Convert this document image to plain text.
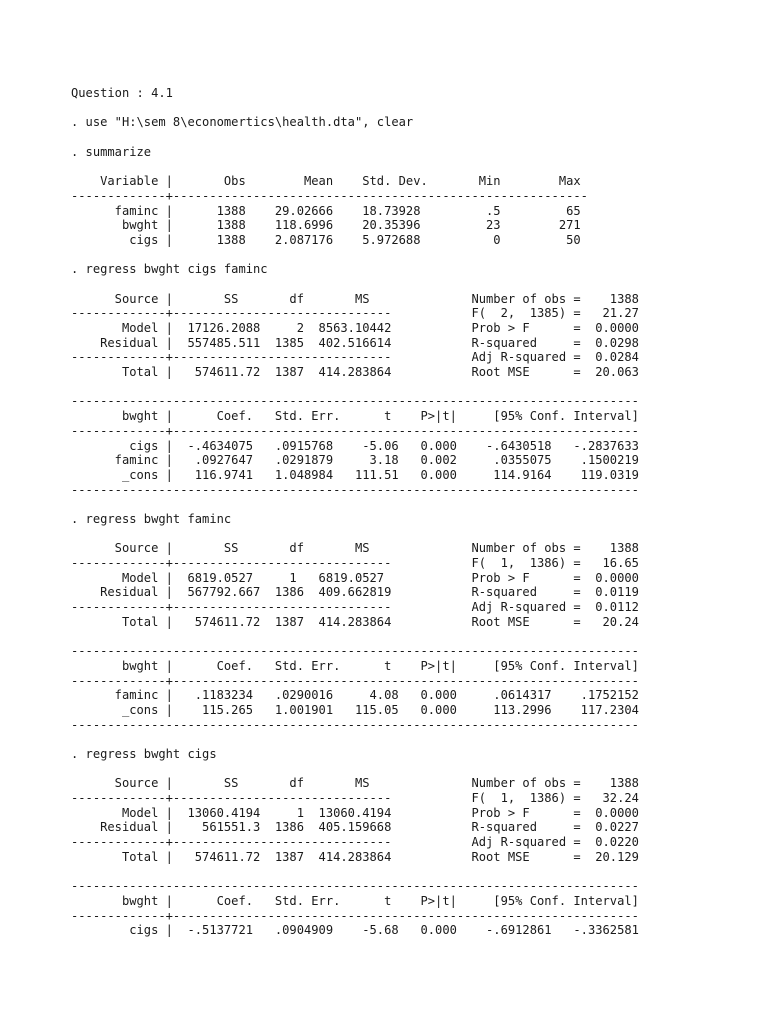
Question : 4.1
. use "H:\sem 8\economertics\health.dta", clear
. summarize
Variable |       Obs        Mean    Std. Dev.       Min        Max
-------------+---------------------------------------------------------
faminc |      1388    29.02666    18.73928         .5         65
bwght |      1388    118.6996    20.35396         23        271
cigs |      1388    2.087176    5.972688          0         50
. regress bwght cigs faminc
Source |       SS       df       MS              Number of obs =    1388
-------------+------------------------------           F(  2,  1385) =   21.27
Model |  17126.2088     2  8563.10442           Prob > F      =  0.0000
Residual |  557485.511  1385  402.516614           R-squared     =  0.0298
-------------+------------------------------           Adj R-squared =  0.0284
Total |   574611.72  1387  414.283864           Root MSE      =  20.063
------------------------------------------------------------------------------
bwght |      Coef.   Std. Err.      t    P>|t|     [95% Conf. Interval]
-------------+----------------------------------------------------------------
cigs |  -.4634075   .0915768    -5.06   0.000    -.6430518   -.2837633
faminc |   .0927647   .0291879     3.18   0.002     .0355075    .1500219
_cons |   116.9741   1.048984   111.51   0.000     114.9164    119.0319
------------------------------------------------------------------------------
. regress bwght faminc
Source |       SS       df       MS              Number of obs =    1388
-------------+------------------------------           F(  1,  1386) =   16.65
Model |  6819.0527     1   6819.0527            Prob > F      =  0.0000
Residual |  567792.667  1386  409.662819           R-squared     =  0.0119
-------------+------------------------------           Adj R-squared =  0.0112
Total |   574611.72  1387  414.283864           Root MSE      =   20.24
------------------------------------------------------------------------------
bwght |      Coef.   Std. Err.      t    P>|t|     [95% Conf. Interval]
-------------+----------------------------------------------------------------
faminc |   .1183234   .0290016     4.08   0.000     .0614317    .1752152
_cons |    115.265   1.001901   115.05   0.000     113.2996    117.2304
------------------------------------------------------------------------------
. regress bwght cigs
Source |       SS       df       MS              Number of obs =    1388
-------------+------------------------------           F(  1,  1386) =   32.24
Model |  13060.4194     1  13060.4194           Prob > F      =  0.0000
Residual |    561551.3  1386  405.159668           R-squared     =  0.0227
-------------+------------------------------           Adj R-squared =  0.0220
Total |   574611.72  1387  414.283864           Root MSE      =  20.129
------------------------------------------------------------------------------
bwght |      Coef.   Std. Err.      t    P>|t|     [95% Conf. Interval]
-------------+----------------------------------------------------------------
cigs |  -.5137721   .0904909    -5.68   0.000    -.6912861   -.3362581
